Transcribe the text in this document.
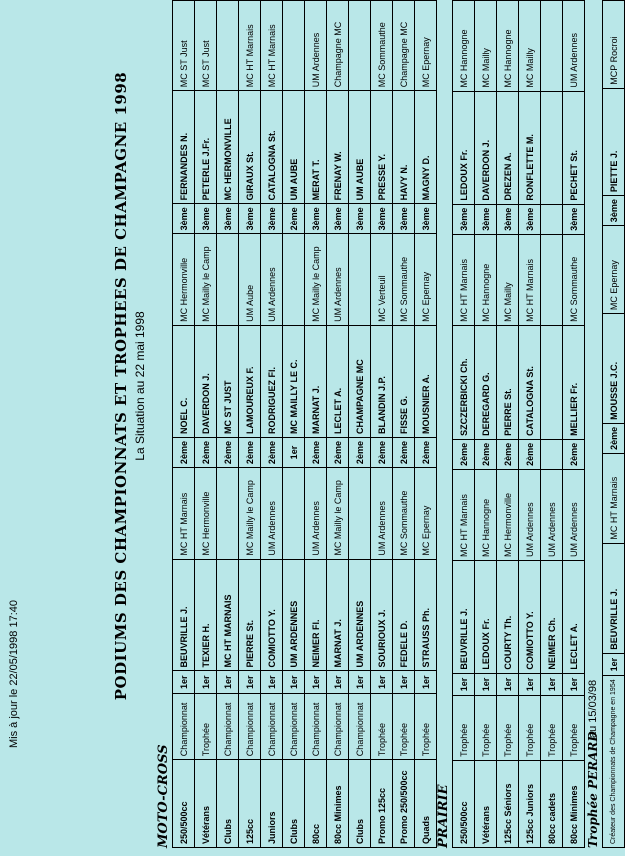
Mis à jour le 22/05/1998 17:40	PODIUMS DES CHAMPIONNATS ET TROPHEES DE CHAMPAGNE 1998 La Situation au 22 mai 1998
MOTO-CROSS 250/500cc	Championnat	1er	BEUVRILLE J.	MC HT Marnais	2ème	NOEL C.	MC Hermonville	3ème	FERNANDES N.	MC ST Just
Vétérans	Trophée	1er	TEXIER H.	MC Hermonville	2ème	DAVERDON J.	MC Mailly le Camp	3ème	PETERLE J.Fr.	MC ST Just
Clubs	Championnat	1er	MC HT MARNAIS		2ème	MC ST JUST		3ème	MC HERMONVILLE	
125cc	Championnat	1er	PIERRE St.	MC Mailly le Camp	2ème	LAMOUREUX F.	UM Aube	3ème	GIRAUX St.	MC HT Marnais
Juniors	Championnat	1er	COMIOTTO Y.	UM Ardennes	2ème	RODRIGUEZ Fl.	UM Ardennes	3ème	CATALOGNA St.	MC HT Marnais
Clubs	Championnat	1er	UM ARDENNES		1er	MC MAILLY LE C.		2ème	UM AUBE	
80cc	Championnat	1er	NEIMER Fl.	UM Ardennes	2ème	MARNAT J.	MC Mailly le Camp	3ème	MERAT T.	UM Ardennes
80cc Minimes	Championnat	1er	MARNAT J.	MC Mailly le Camp	2ème	LECLET A.	UM Ardennes	3ème	FRENAY W.	Champagne MC
Clubs	Championnat	1er	UM ARDENNES		2ème	CHAMPAGNE MC		3ème	UM AUBE	
Promo 125cc	Trophée	1er	SOURIOUX J.	UM Ardennes	2ème	BLANDIN J.P.	MC Verteuil	3ème	PRESSE Y.	MC Sommauthe
Promo 250/500cc	Trophée	1er	FEDELE D.	MC Sommauthe	2ème	FISSE G.	MC Sommauthe	3ème	HAVY N.	Champagne MC
Quads	Trophée	1er	STRAUSS Ph.	MC Epernay	2ème	MOUSNIER A.	MC Epernay	3ème	MAGNY D.	MC Epernay
PRAIRIE 250/500cc	Trophée	1er	BEUVRILLE J.	MC HT Marnais	2ème	SZCZERBICKI Ch.	MC HT Marnais	3ème	LEDOUX Fr.	MC Hannogne
Vétérans	Trophée	1er	LEDOUX Fr.	MC Hannogne	2ème	DEREGARD G.	MC Hannogne	3ème	DAVERDON J.	MC Mailly
125cc Séniors	Trophée	1er	COURTY Th.	MC Hermonville	2ème	PIERRE St.	MC Mailly	3ème	DREZEN A.	MC Hannogne
125cc Juniors	Trophée	1er	COMIOTTO Y.	UM Ardennes	2ème	CATALOGNA St.	MC HT Marnais	3ème	RONFLETTE M.	MC Mailly
80cc cadets	Trophée	1er	NEIMER Ch.	UM Ardennes						
80cc Minimes	Trophée	1er	LECLET A.	UM Ardennes	2ème	MELLIER Fr.	MC Sommauthe	3ème	PECHET St.	UM Ardennes
Trophée PERARD
au 15/03/98 Créateur des Championnats de Champagne en 1954	1er	BEUVRILLE J.	MC HT Marnais	2ème	MOUSSE J.C.	MC Epernay	3ème	PIETTE J.	MCP Rocroi
